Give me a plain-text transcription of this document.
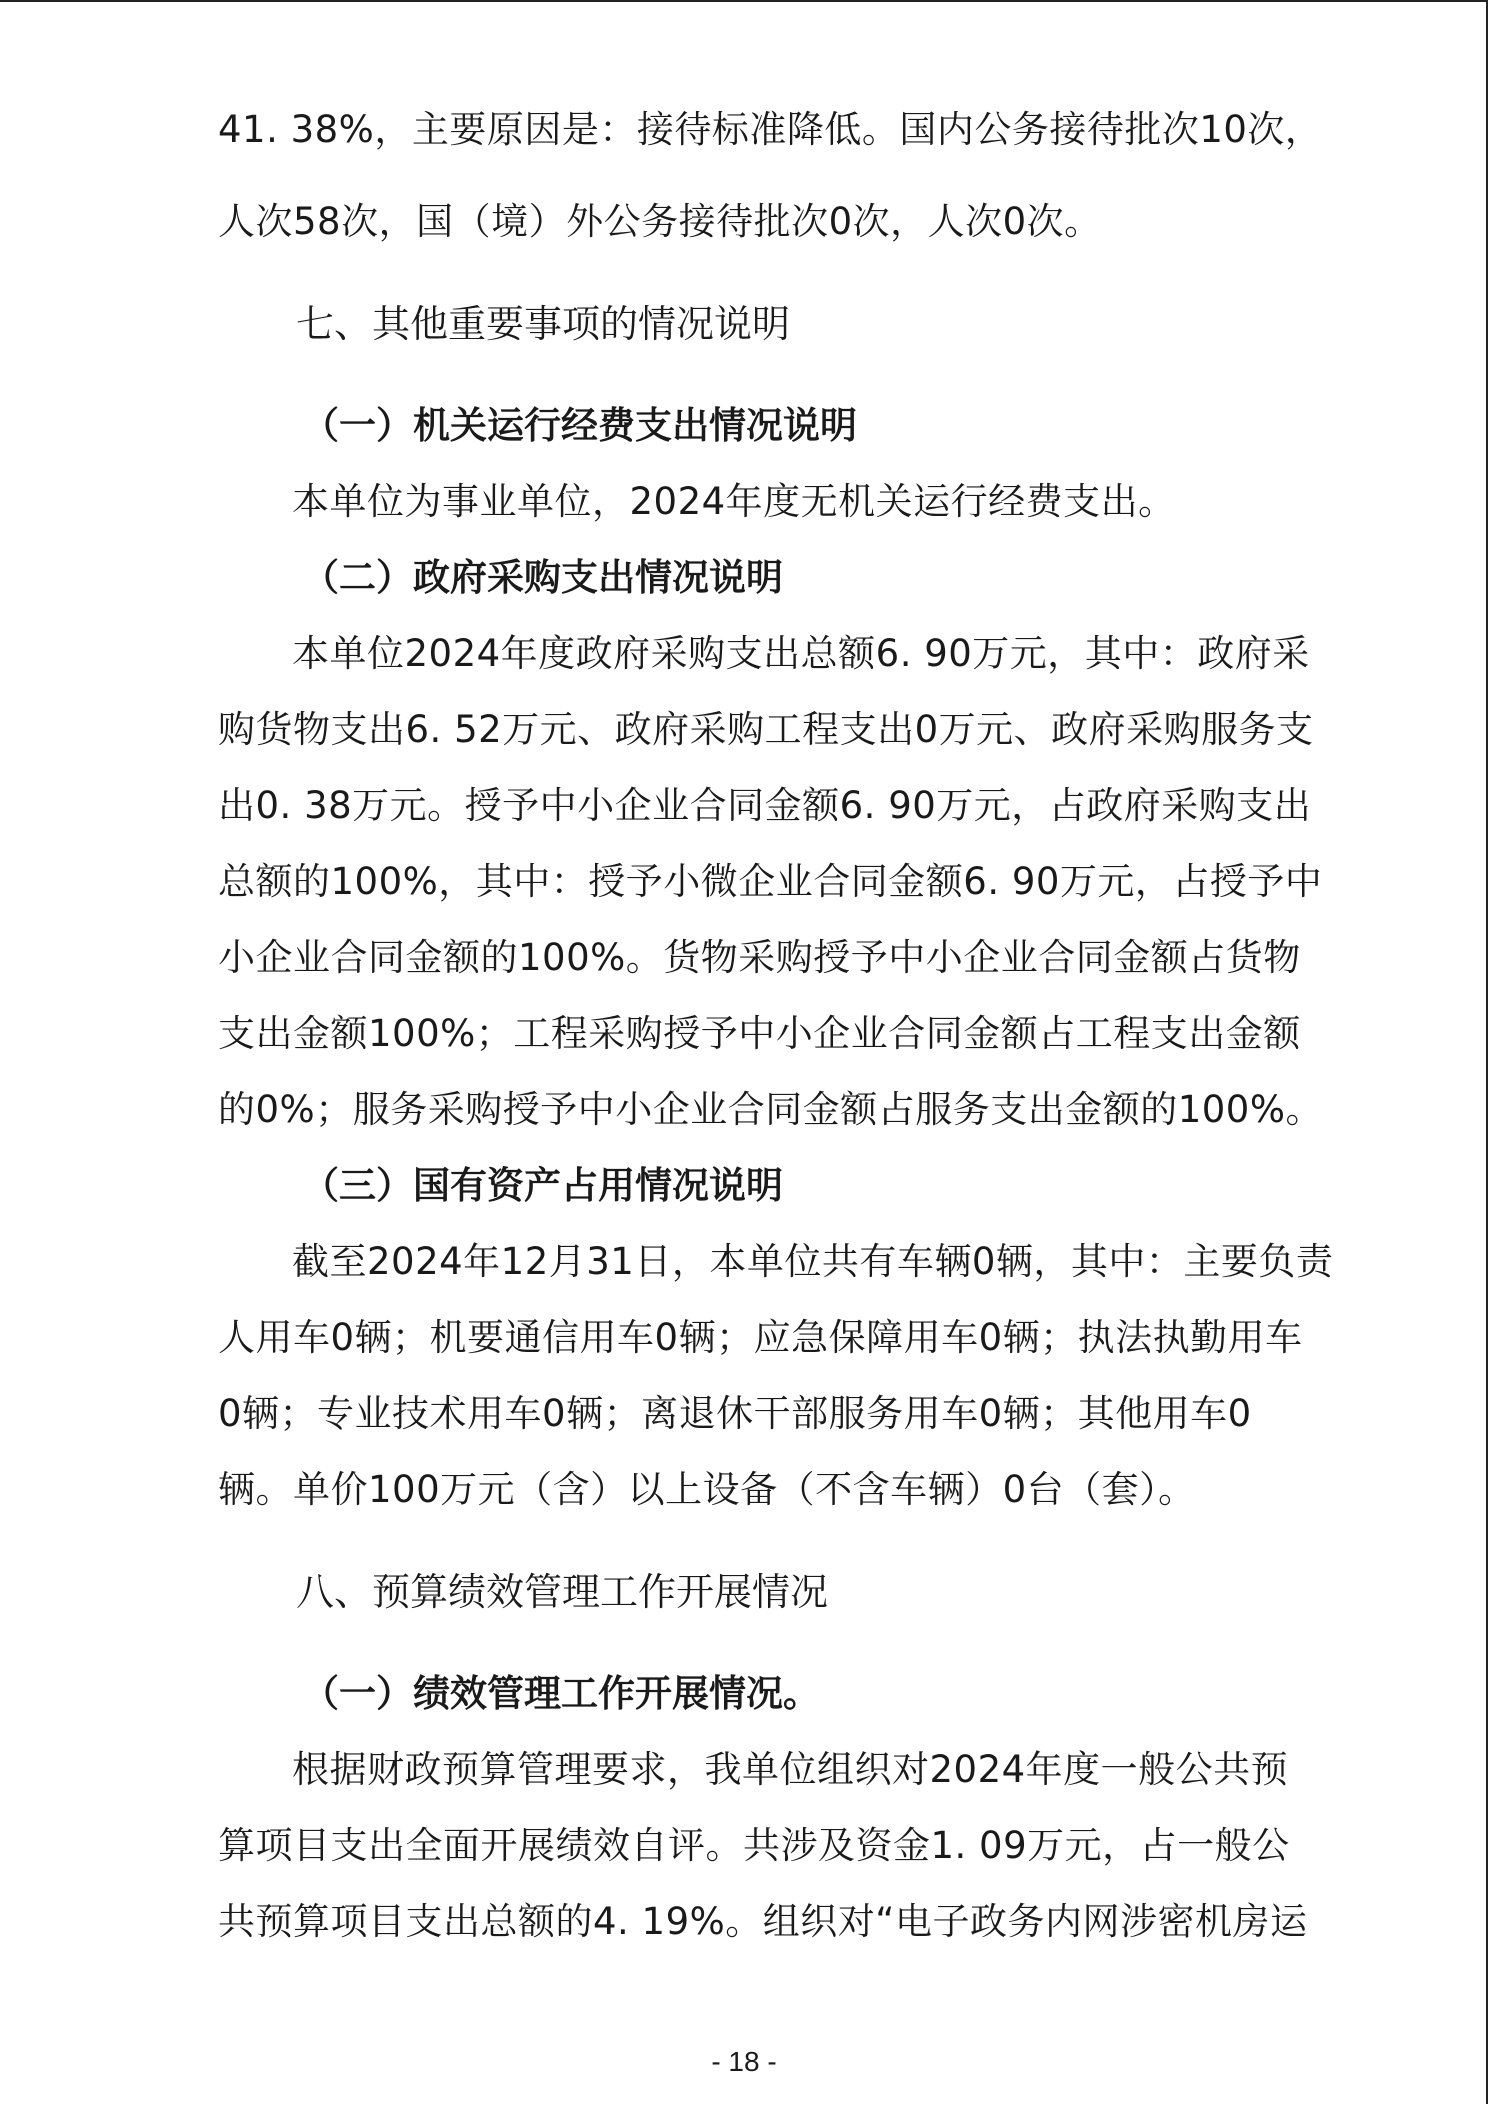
41. 38%，主要原因是：接待标准降低。国内公务接待批次10次，
人次58次，国（境）外公务接待批次0次，人次0次。
七、其他重要事项的情况说明
（一）机关运行经费支出情况说明
本单位为事业单位，2024年度无机关运行经费支出。
（二）政府采购支出情况说明
本单位2024年度政府采购支出总额6. 90万元，其中：政府采
购货物支出6. 52万元、政府采购工程支出0万元、政府采购服务支
出0. 38万元。授予中小企业合同金额6. 90万元，占政府采购支出
总额的100%，其中：授予小微企业合同金额6. 90万元，占授予中
小企业合同金额的100%。货物采购授予中小企业合同金额占货物
支出金额100%；工程采购授予中小企业合同金额占工程支出金额
的0%；服务采购授予中小企业合同金额占服务支出金额的100%。
（三）国有资产占用情况说明
截至2024年12月31日，本单位共有车辆0辆，其中：主要负责
人用车0辆；机要通信用车0辆；应急保障用车0辆；执法执勤用车
0辆；专业技术用车0辆；离退休干部服务用车0辆；其他用车0
辆。单价100万元（含）以上设备（不含车辆）0台（套）。
八、预算绩效管理工作开展情况
（一）绩效管理工作开展情况。
根据财政预算管理要求，我单位组织对2024年度一般公共预
算项目支出全面开展绩效自评。共涉及资金1. 09万元，占一般公
共预算项目支出总额的4. 19%。组织对“电子政务内网涉密机房运
- 18 -
